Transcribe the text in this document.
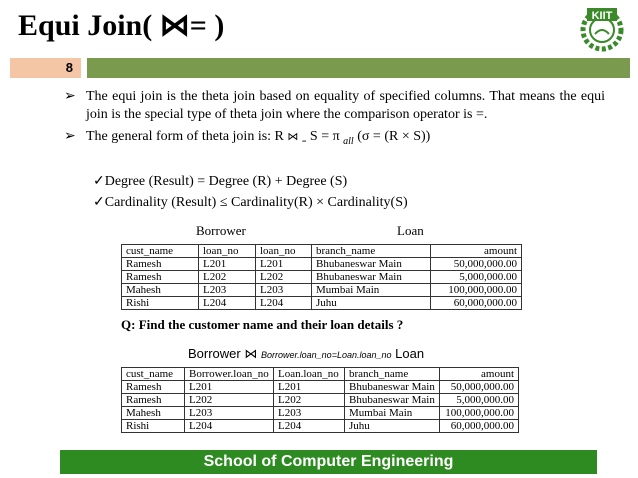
Equi Join( ⋈= )	KIIT
8
➢ The equi join is the theta join based on equality of specified columns. That means the equi join is the special type of theta join where the comparison operator is =.
➢ The general form of theta join is: R ⋈ $_=$ S = π $_{all}$ (σ = (R × S))
✓Degree (Result) = Degree (R) + Degree (S)
✓Cardinality (Result) ≤ Cardinality(R) × Cardinality(S)
Borrower	Loan
cust_name	loan_no	loan_no	branch_name	amount
Ramesh	L201	L201	Bhubaneswar Main	50,000,000.00
Ramesh	L202	L202	Bhubaneswar Main	5,000,000.00
Mahesh	L203	L203	Mumbai Main	100,000,000.00
Rishi	L204	L204	Juhu	60,000,000.00
Q: Find the customer name and their loan details ?
Borrower ⋈ Borrower.loan_no=Loan.loan_no Loan
cust_name	Borrower.loan_no	Loan.loan_no	branch_name	amount
Ramesh	L201	L201	Bhubaneswar Main	50,000,000.00
Ramesh	L202	L202	Bhubaneswar Main	5,000,000.00
Mahesh	L203	L203	Mumbai Main	100,000,000.00
Rishi	L204	L204	Juhu	60,000,000.00
School of Computer Engineering
